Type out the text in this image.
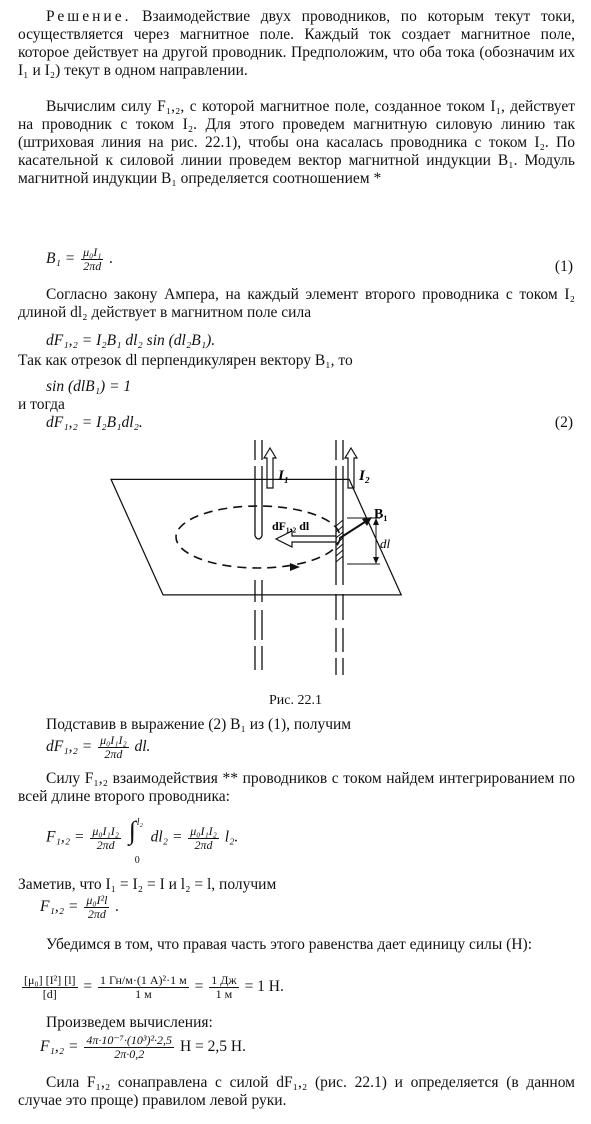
Решение. Взаимодействие двух проводников, по которым текут токи, осуществляется через магнитное поле. Каждый ток создает магнитное поле, которое действует на другой проводник. Предположим, что оба тока (обозначим их I₁ и I₂) текут в одном направлении.
Вычислим силу F₁,₂, с которой магнитное поле, созданное током I₁, действует на проводник с током I₂. Для этого проведем магнитную силовую линию так (штриховая линия на рис. 22.1), чтобы она касалась проводника с током I₂. По касательной к силовой линии проведем вектор магнитной индукции B₁. Модуль магнитной индукции B₁ определяется соотношением *
$B_1 = \frac{\text{μ₀I₁}}{2\pi d}$ .	(1)
Согласно закону Ампера, на каждый элемент второго проводника с током I₂ длиной dl₂ действует в магнитном поле сила
dF₁,₂ = I₂B₁ dl₂ sin (dl₂B₁).
Так как отрезок dl перпендикулярен вектору B₁, то
sin (dlB₁) = 1
и тогда
dF₁,₂ = I₂B₁dl₂.	(2)
I₁	I₂
B₁
dF₁,₂ dl
dl
Рис. 22.1
Подставив в выражение (2) B₁ из (1), получим
$dF_1,_2 = \frac{\text{μ₀I₁I₂}}{2\pi d}$ dl.
Силу F₁,₂ взаимодействия ** проводников с током найдем интегрированием по всей длине второго проводника:
$F_1,_2 = \frac{\text{μ₀I₁I₂}}{2\pi d}$
∫ l₂
0
$dl_2 = \frac{\text{μ₀I₁I₂}}{2\pi d} l_2$.
Заметив, что I₁ = I₂ = I и l₂ = l, получим
$F_1,_2 = \frac{\text{μ₀I²l}}{2\pi d}$ .
Убедимся в том, что правая часть этого равенства дает единицу силы (Н):
$\frac{\text{[μ₀] [I²] [l]}}{[d]} = \frac{\text{1 Гн/м·(1 А)²·1 м}}{1 м} = \frac{1 Дж}{1 м} = 1$ Н.
Произведем вычисления:
$F_1,_2 = \frac{\text{4π·10⁻⁷·(10³)²·2,5}}{2\pi\cdot 0,2}$ Н = 2,5 Н.
Сила F₁,₂ сонаправлена с силой dF₁,₂ (рис. 22.1) и определяется (в данном случае это проще) правилом левой руки.
